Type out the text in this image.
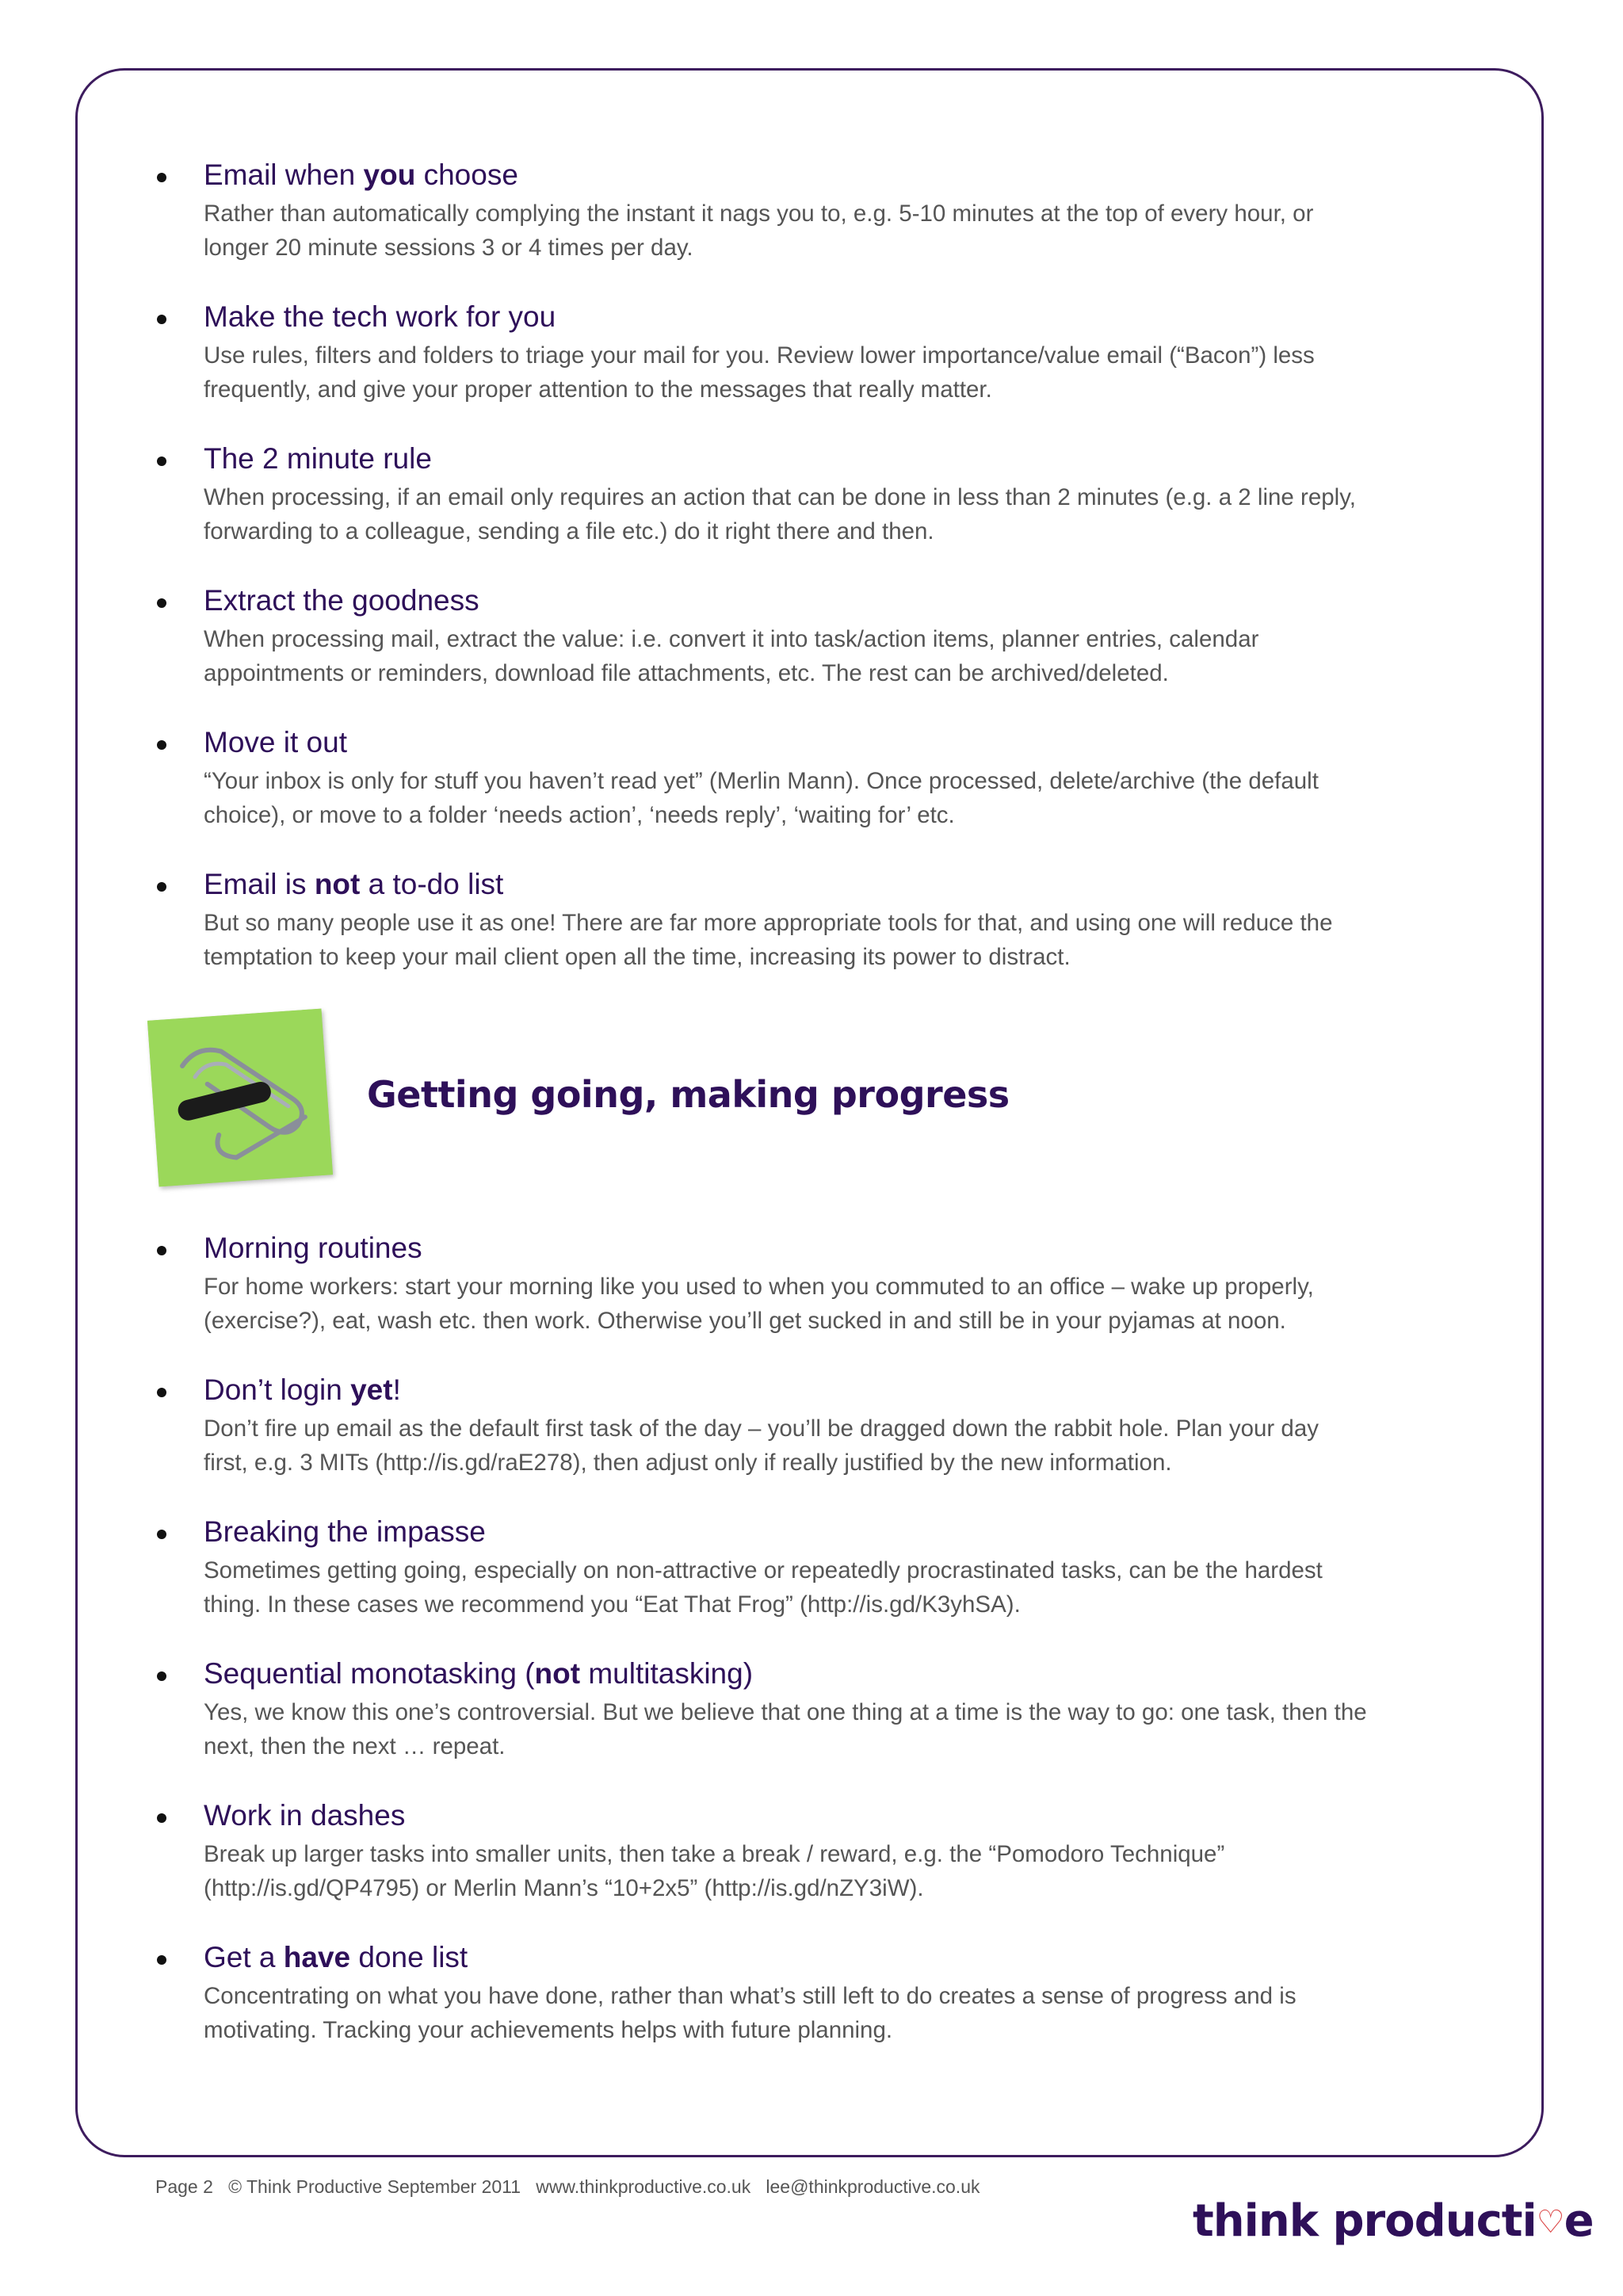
Email when you choose
Rather than automatically complying the instant it nags you to, e.g. 5-10 minutes at the top of every hour, or
longer 20 minute sessions 3 or 4 times per day.
Make the tech work for you
Use rules, filters and folders to triage your mail for you. Review lower importance/value email (“Bacon”) less
frequently, and give your proper attention to the messages that really matter.
The 2 minute rule
When processing, if an email only requires an action that can be done in less than 2 minutes (e.g. a 2 line reply,
forwarding to a colleague, sending a file etc.) do it right there and then.
Extract the goodness
When processing mail, extract the value: i.e. convert it into task/action items, planner entries, calendar
appointments or reminders, download file attachments, etc. The rest can be archived/deleted.
Move it out
“Your inbox is only for stuff you haven’t read yet” (Merlin Mann). Once processed, delete/archive (the default
choice), or move to a folder ‘needs action’, ‘needs reply’, ‘waiting for’ etc.
Email is not a to-do list
But so many people use it as one! There are far more appropriate tools for that, and using one will reduce the
temptation to keep your mail client open all the time, increasing its power to distract.
Getting going, making progress
Morning routines
For home workers: start your morning like you used to when you commuted to an office – wake up properly,
(exercise?), eat, wash etc. then work. Otherwise you’ll get sucked in and still be in your pyjamas at noon.
Don’t login yet!
Don’t fire up email as the default first task of the day – you’ll be dragged down the rabbit hole. Plan your day
first, e.g. 3 MITs (http://is.gd/raE278), then adjust only if really justified by the new information.
Breaking the impasse
Sometimes getting going, especially on non-attractive or repeatedly procrastinated tasks, can be the hardest
thing. In these cases we recommend you “Eat That Frog” (http://is.gd/K3yhSA).
Sequential monotasking (not multitasking)
Yes, we know this one’s controversial. But we believe that one thing at a time is the way to go: one task, then the
next, then the next … repeat.
Work in dashes
Break up larger tasks into smaller units, then take a break / reward, e.g. the “Pomodoro Technique”
(http://is.gd/QP4795) or Merlin Mann’s “10+2x5” (http://is.gd/nZY3iW).
Get a have done list
Concentrating on what you have done, rather than what’s still left to do creates a sense of progress and is
motivating. Tracking your achievements helps with future planning.
Page 2   © Think Productive September 2011   www.thinkproductive.co.uk   lee@thinkproductive.co.uk
think producti♡e
